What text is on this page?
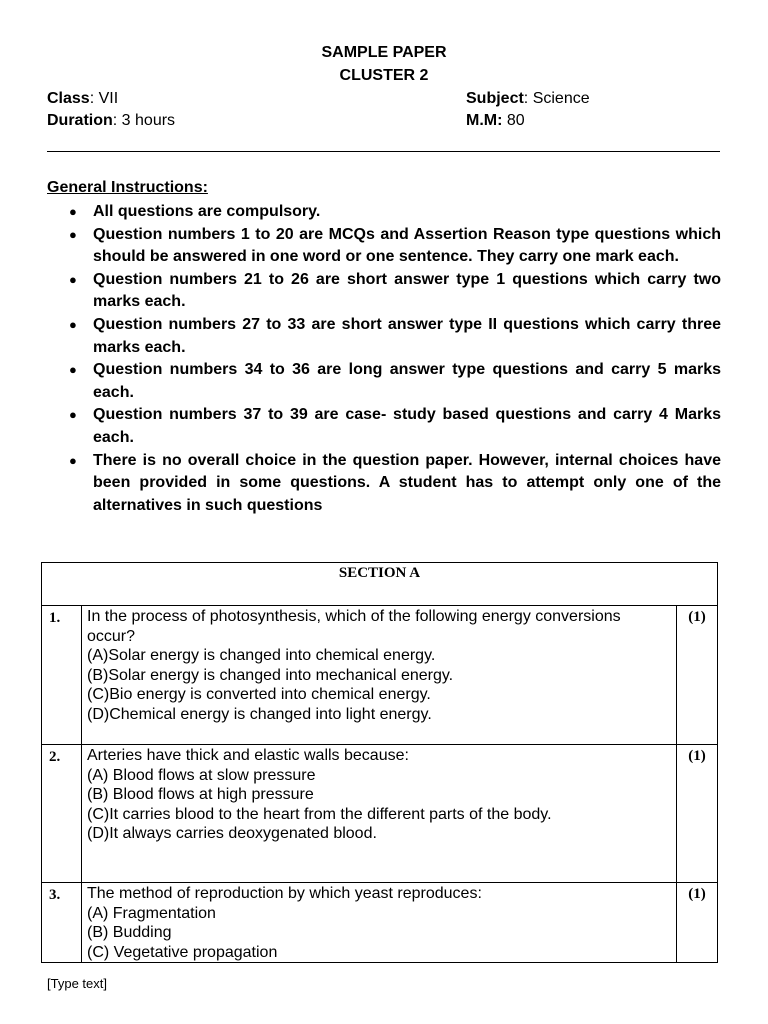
SAMPLE PAPER
CLUSTER 2
Class: VII	Subject: Science
Duration: 3 hours	M.M: 80
General Instructions:
● All questions are compulsory.
● Question numbers 1 to 20 are MCQs and Assertion Reason type questions which should be answered in one word or one sentence. They carry one mark each.
● Question numbers 21 to 26 are short answer type 1 questions which carry two marks each.
● Question numbers 27 to 33 are short answer type II questions which carry three marks each.
● Question numbers 34 to 36 are long answer type questions and carry 5 marks each.
● Question numbers 37 to 39 are case- study based questions and carry 4 Marks each.
● There is no overall choice in the question paper. However, internal choices have been provided in some questions. A student has to attempt only one of the alternatives in such questions
SECTION A		
1.	In the process of photosynthesis, which of the following energy conversions occur?
(A)Solar energy is changed into chemical energy.
(B)Solar energy is changed into mechanical energy.
(C)Bio energy is converted into chemical energy.
(D)Chemical energy is changed into light energy.	(1)
2.	Arteries have thick and elastic walls because:
(A) Blood flows at slow pressure
(B) Blood flows at high pressure
(C)It carries blood to the heart from the different parts of the body.
(D)It always carries deoxygenated blood.	(1)
3.	The method of reproduction by which yeast reproduces:
(A) Fragmentation
(B) Budding
(C) Vegetative propagation	(1)
[Type text]
